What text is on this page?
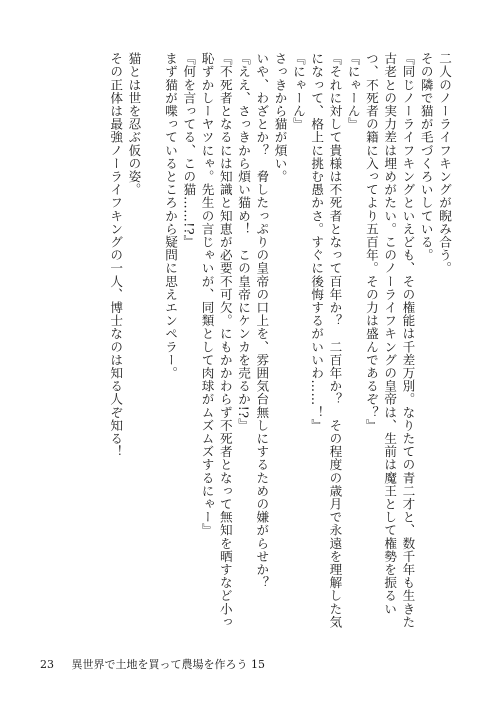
二人のノーライフキングが睨み合う。

その隣で猫が毛づくろいしている。

『同じノーライフキングといえども、その権能は千差万別。なりたての青二才と、数千年も生きた

古老との実力差は埋めがたい。このノーライフキングの皇帝は、生前は魔王として権勢を振るい

つ、不死者の籍に入ってより五百年。その力は盛んであるぞ？』

『にゃーん』

『それに対して貴様は不死者となって百年か？　二百年か？　その程度の歳月で永遠を理解した気

になって、格上に挑む愚かさ。すぐに後悔するがいいわ……！』

『にゃーん』

さっきから猫が煩い。

いや、わざとか？　脅したっぷりの皇帝の口上を、雰囲気台無しにするための嫌がらせか？

『ええ、さっきから煩い猫め！　この皇帝にケンカを売るか!?』

『不死者となるには知識と知恵が必要不可欠。にもかかわらず不死者となって無知を晒すなど小っ

恥ずかしーヤツにゃ。先生の言じゃいが、同類として肉球がムズムズするにゃー』

『何を言ってる、この猫……!?』

まず猫が喋っているところから疑問に思えエンペラー。

猫とは世を忍ぶ仮の姿。

その正体は最強ノーライフキングの一人、博士なのは知る人ぞ知る！

23 異世界で土地を買って農場を作ろう 15
